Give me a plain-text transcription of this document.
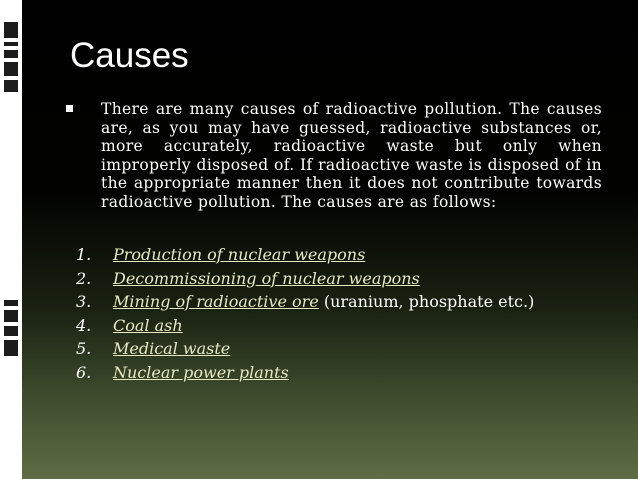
Causes
There are many causes of radioactive pollution. The causes are, as you may have guessed, radioactive substances or, more accurately, radioactive waste but only when improperly disposed of. If radioactive waste is disposed of in the appropriate manner then it does not contribute towards radioactive pollution. The causes are as follows:
1. Production of nuclear weapons
2. Decommissioning of nuclear weapons
3. Mining of radioactive ore (uranium, phosphate etc.)
4. Coal ash
5. Medical waste
6. Nuclear power plants
